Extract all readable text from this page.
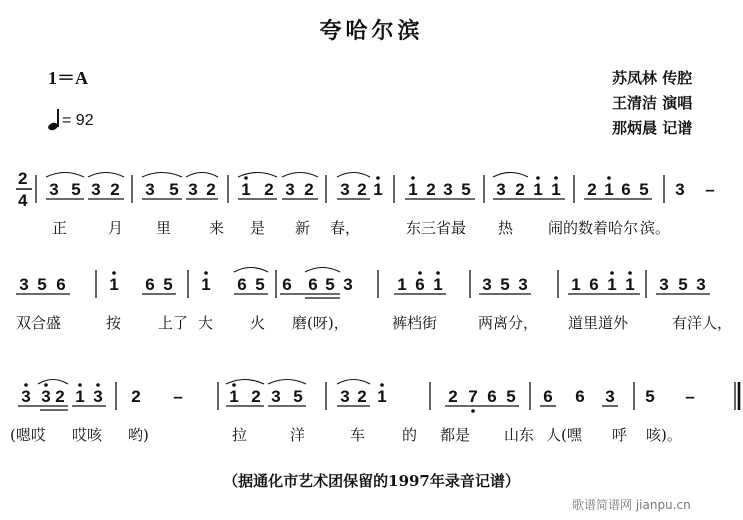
夸哈尔滨
1＝A
= 92
苏凤林 传腔
王清洁 演唱
那炳晨 记谱
2
4
3 5 3 2 3 5 3 2 1 2 3 2 3 2 1 1 2 3 5 3 2 1 1 2 1 6 5 3 –
正	月 里	来 是 新 春，	东三省最 热 闹的 数着哈尔 滨。
3 5 6	1 6 5 1 6 5 6 6 5 3	1 6 1 3 5 3	1 6 1 1 3 5 3
双合盛	按 上了 大 火 磨(呀)，	裤档街	两离分， 道里道外	有洋人，
3 3 2 1 3 2 –	1 2 3 5 3 2 1	2 7 6 5 6 6 3 5 –
(嗯哎 哎咳 哟)	拉	洋	车 的 都是 山东 人(嘿 呼 咳)。
（据通化市艺术团保留的1997年录音记谱）
歌谱简谱网 jianpu.cn
